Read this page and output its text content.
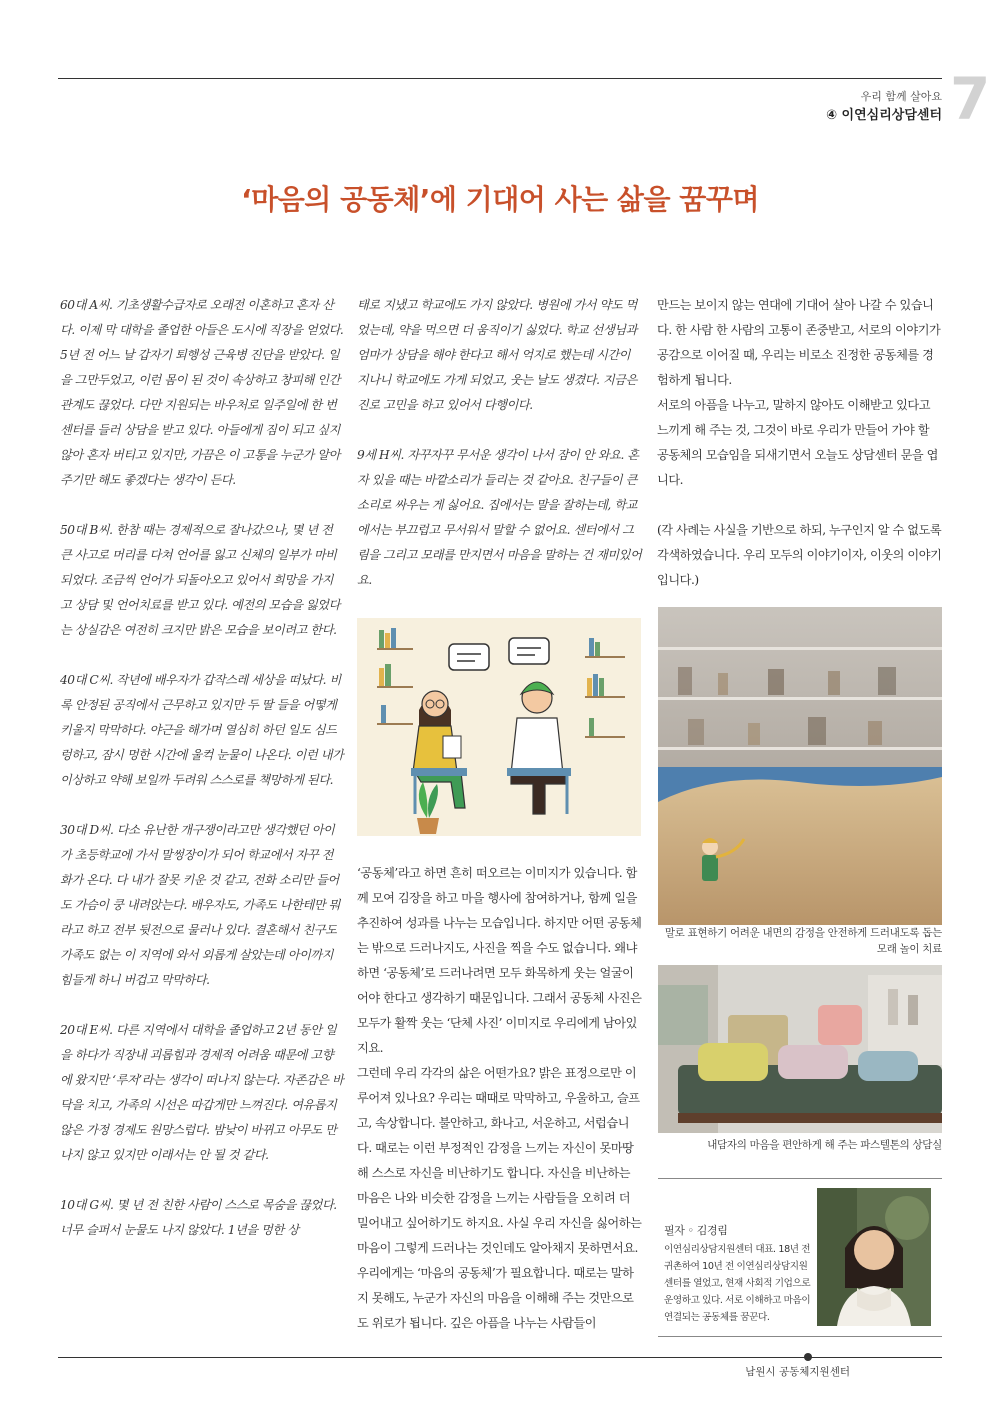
우리 함께 살아요
④ 이연심리상담센터 7
‘마음의 공동체’에 기대어 사는 삶을 꿈꾸며

60대 A씨. 기초생활수급자로 오래전 이혼하고 혼자 산다. 이제 막 대학을 졸업한 아들은 도시에 직장을 얻었다. 5년 전 어느 날 갑자기 퇴행성 근육병 진단을 받았다. 일을 그만두었고, 이런 몸이 된 것이 속상하고 창피해 인간관계도 끊었다. 다만 지원되는 바우처로 일주일에 한 번 센터를 들러 상담을 받고 있다. 아들에게 짐이 되고 싶지 않아 혼자 버티고 있지만, 가끔은 이 고통을 누군가 알아주기만 해도 좋겠다는 생각이 든다.

50대 B씨. 한참 때는 경제적으로 잘나갔으나, 몇 년 전 큰 사고로 머리를 다쳐 언어를 잃고 신체의 일부가 마비되었다. 조금씩 언어가 되돌아오고 있어서 희망을 가지고 상담 및 언어치료를 받고 있다. 예전의 모습을 잃었다는 상실감은 여전히 크지만 밝은 모습을 보이려고 한다.

40대 C씨. 작년에 배우자가 갑작스레 세상을 떠났다. 비록 안정된 공직에서 근무하고 있지만 두 딸 들을 어떻게 키울지 막막하다. 야근을 해가며 열심히 하던 일도 심드렁하고, 잠시 멍한 시간에 울컥 눈물이 나온다. 이런 내가 이상하고 약해 보일까 두려워 스스로를 책망하게 된다.

30대 D씨. 다소 유난한 개구쟁이라고만 생각했던 아이가 초등학교에 가서 말썽장이가 되어 학교에서 자꾸 전화가 온다. 다 내가 잘못 키운 것 같고, 전화 소리만 들어도 가슴이 쿵 내려앉는다. 배우자도, 가족도 나한테만 뭐라고 하고 전부 뒷전으로 물러나 있다. 결혼해서 친구도 가족도 없는 이 지역에 와서 외롭게 살았는데 아이까지 힘들게 하니 버겁고 막막하다.

20대 E씨. 다른 지역에서 대학을 졸업하고 2년 동안 일을 하다가 직장내 괴롭힘과 경제적 어려움 때문에 고향에 왔지만 ‘루저’라는 생각이 떠나지 않는다. 자존감은 바닥을 치고, 가족의 시선은 따갑게만 느껴진다. 여유롭지 않은 가정 경제도 원망스럽다. 밤낮이 바뀌고 아무도 만나지 않고 있지만 이래서는 안 될 것 같다.

10대 G씨. 몇 년 전 친한 사람이 스스로 목숨을 끊었다. 너무 슬퍼서 눈물도 나지 않았다. 1년을 멍한 상

태로 지냈고 학교에도 가지 않았다. 병원에 가서 약도 먹었는데, 약을 먹으면 더 움직이기 싫었다. 학교 선생님과 엄마가 상담을 해야 한다고 해서 억지로 했는데 시간이 지나니 학교에도 가게 되었고, 웃는 날도 생겼다. 지금은 진로 고민을 하고 있어서 다행이다.

9세 H씨. 자꾸자꾸 무서운 생각이 나서 잠이 안 와요. 혼자 있을 때는 바깥소리가 들리는 것 같아요. 친구들이 큰 소리로 싸우는 게 싫어요. 집에서는 말을 잘하는데, 학교에서는 부끄럽고 무서워서 말할 수 없어요. 센터에서 그림을 그리고 모래를 만지면서 마음을 말하는 건 재미있어요.

‘공동체’라고 하면 흔히 떠오르는 이미지가 있습니다. 함께 모여 김장을 하고 마을 행사에 참여하거나, 함께 일을 추진하여 성과를 나누는 모습입니다. 하지만 어떤 공동체는 밖으로 드러나지도, 사진을 찍을 수도 없습니다. 왜냐하면 ‘공동체’로 드러나려면 모두 화목하게 웃는 얼굴이어야 한다고 생각하기 때문입니다. 그래서 공동체 사진은 모두가 활짝 웃는 ‘단체 사진’ 이미지로 우리에게 남아있지요.

그런데 우리 각각의 삶은 어떤가요? 밝은 표정으로만 이루어져 있나요? 우리는 때때로 막막하고, 우울하고, 슬프고, 속상합니다. 불안하고, 화나고, 서운하고, 서럽습니다. 때로는 이런 부정적인 감정을 느끼는 자신이 못마땅해 스스로 자신을 비난하기도 합니다. 자신을 비난하는 마음은 나와 비슷한 감정을 느끼는 사람들을 오히려 더 밀어내고 싶어하기도 하지요. 사실 우리 자신을 싫어하는 마음이 그렇게 드러나는 것인데도 알아채지 못하면서요.

우리에게는 ‘마음의 공동체’가 필요합니다. 때로는 말하지 못해도, 누군가 자신의 마음을 이해해 주는 것만으로도 위로가 됩니다. 깊은 아픔을 나누는 사람들이

만드는 보이지 않는 연대에 기대어 살아 나갈 수 있습니다. 한 사람 한 사람의 고통이 존중받고, 서로의 이야기가 공감으로 이어질 때, 우리는 비로소 진정한 공동체를 경험하게 됩니다.

서로의 아픔을 나누고, 말하지 않아도 이해받고 있다고 느끼게 해 주는 것, 그것이 바로 우리가 만들어 가야 할 공동체의 모습임을 되새기면서 오늘도 상담센터 문을 엽니다.

(각 사례는 사실을 기반으로 하되, 누구인지 알 수 없도록 각색하였습니다. 우리 모두의 이야기이자, 이웃의 이야기입니다.)

말로 표현하기 어려운 내면의 감정을 안전하게 드러내도록 돕는 모래 놀이 치료
내담자의 마음을 편안하게 해 주는 파스텔톤의 상담실
필자 ◦ 김경림
이연심리상담지원센터 대표. 18년 전 귀촌하여 10년 전 이연심리상담지원센터를 열었고, 현재 사회적 기업으로 운영하고 있다. 서로 이해하고 마음이 연결되는 공동체를 꿈꾼다.
남원시 공동체지원센터
